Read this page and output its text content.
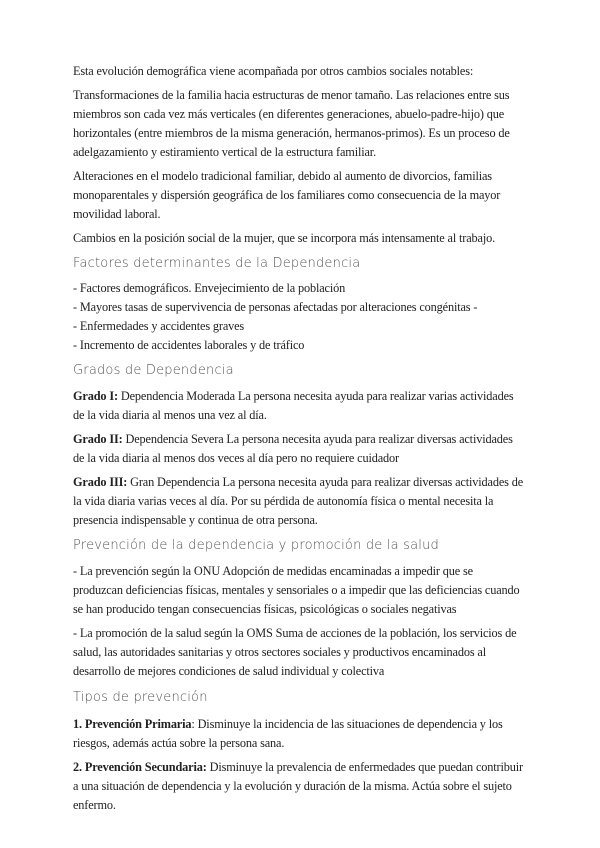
Esta evolución demográfica viene acompañada por otros cambios sociales notables:

Transformaciones de la familia hacia estructuras de menor tamaño. Las relaciones entre sus miembros son cada vez más verticales (en diferentes generaciones, abuelo-padre-hijo) que horizontales (entre miembros de la misma generación, hermanos-primos). Es un proceso de adelgazamiento y estiramiento vertical de la estructura familiar.

Alteraciones en el modelo tradicional familiar, debido al aumento de divorcios, familias monoparentales y dispersión geográfica de los familiares como consecuencia de la mayor movilidad laboral.

Cambios en la posición social de la mujer, que se incorpora más intensamente al trabajo.

Factores determinantes de la Dependencia

- Factores demográficos. Envejecimiento de la población

- Mayores tasas de supervivencia de personas afectadas por alteraciones congénitas -

- Enfermedades y accidentes graves

- Incremento de accidentes laborales y de tráfico

Grados de Dependencia

Grado I: Dependencia Moderada La persona necesita ayuda para realizar varias actividades de la vida diaria al menos una vez al día.

Grado II: Dependencia Severa La persona necesita ayuda para realizar diversas actividades de la vida diaria al menos dos veces al día pero no requiere cuidador

Grado III: Gran Dependencia La persona necesita ayuda para realizar diversas actividades de la vida diaria varias veces al día. Por su pérdida de autonomía física o mental necesita la presencia indispensable y continua de otra persona.

Prevención de la dependencia y promoción de la salud

- La prevención según la ONU Adopción de medidas encaminadas a impedir que se produzcan deficiencias físicas, mentales y sensoriales o a impedir que las deficiencias cuando se han producido tengan consecuencias físicas, psicológicas o sociales negativas

- La promoción de la salud según la OMS Suma de acciones de la población, los servicios de salud, las autoridades sanitarias y otros sectores sociales y productivos encaminados al desarrollo de mejores condiciones de salud individual y colectiva

Tipos de prevención

1. Prevención Primaria: Disminuye la incidencia de las situaciones de dependencia y los riesgos, además actúa sobre la persona sana.

2. Prevención Secundaria: Disminuye la prevalencia de enfermedades que puedan contribuir a una situación de dependencia y la evolución y duración de la misma. Actúa sobre el sujeto enfermo.
